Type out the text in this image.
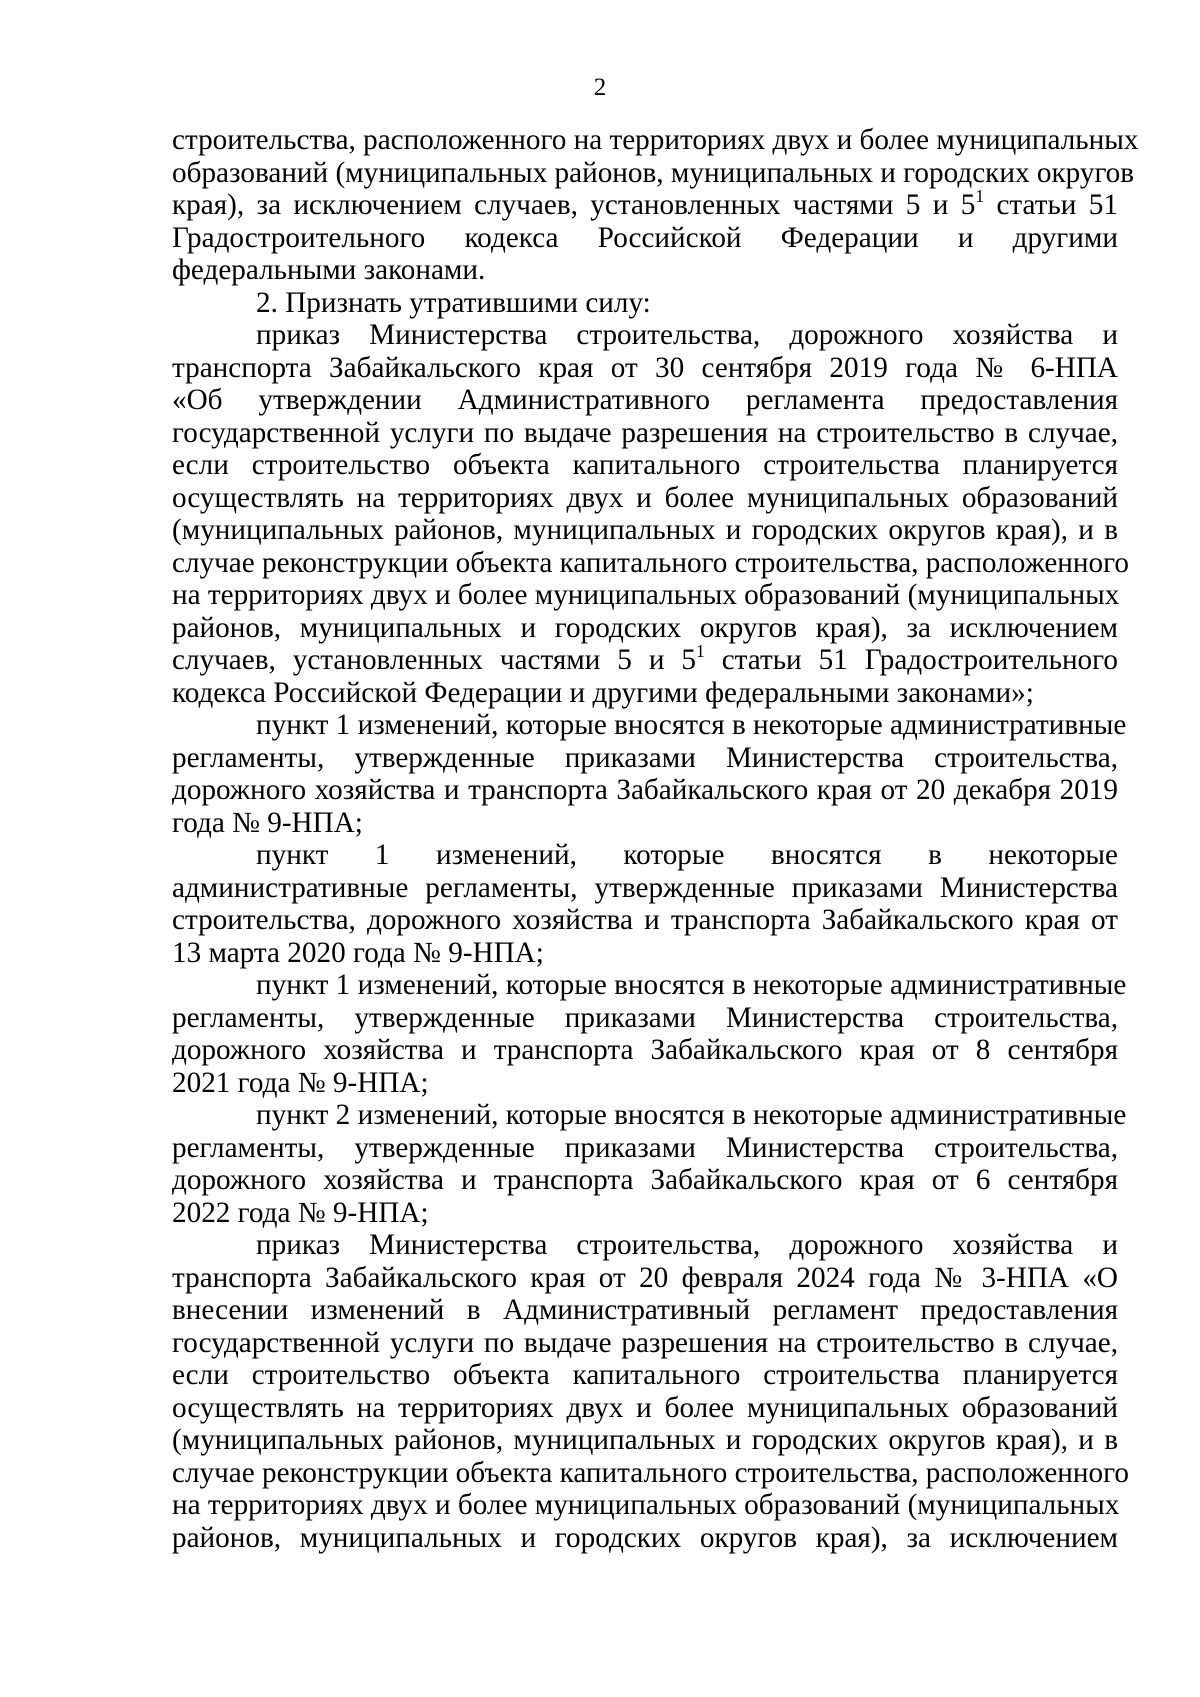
2
строительства, расположенного на территориях двух и более муниципальных
образований (муниципальных районов, муниципальных и городских округов
края), за исключением случаев, установленных частями 5 и $5^1$ статьи 51
Градостроительного кодекса Российской Федерации и другими
федеральными законами.
2. Признать утратившими силу:
приказ Министерства строительства, дорожного хозяйства и
транспорта Забайкальского края от 30 сентября 2019 года № 6-НПА
«Об утверждении Административного регламента предоставления
государственной услуги по выдаче разрешения на строительство в случае,
если строительство объекта капитального строительства планируется
осуществлять на территориях двух и более муниципальных образований
(муниципальных районов, муниципальных и городских округов края), и в
случае реконструкции объекта капитального строительства, расположенного
на территориях двух и более муниципальных образований (муниципальных
районов, муниципальных и городских округов края), за исключением
случаев, установленных частями 5 и $5^1$ статьи 51 Градостроительного
кодекса Российской Федерации и другими федеральными законами»;
пункт 1 изменений, которые вносятся в некоторые административные
регламенты, утвержденные приказами Министерства строительства,
дорожного хозяйства и транспорта Забайкальского края от 20 декабря 2019
года № 9-НПА;
пункт 1 изменений, которые вносятся в некоторые
административные регламенты, утвержденные приказами Министерства
строительства, дорожного хозяйства и транспорта Забайкальского края от
13 марта 2020 года № 9-НПА;
пункт 1 изменений, которые вносятся в некоторые административные
регламенты, утвержденные приказами Министерства строительства,
дорожного хозяйства и транспорта Забайкальского края от 8 сентября
2021 года № 9-НПА;
пункт 2 изменений, которые вносятся в некоторые административные
регламенты, утвержденные приказами Министерства строительства,
дорожного хозяйства и транспорта Забайкальского края от 6 сентября
2022 года № 9-НПА;
приказ Министерства строительства, дорожного хозяйства и
транспорта Забайкальского края от 20 февраля 2024 года № 3-НПА «О
внесении изменений в Административный регламент предоставления
государственной услуги по выдаче разрешения на строительство в случае,
если строительство объекта капитального строительства планируется
осуществлять на территориях двух и более муниципальных образований
(муниципальных районов, муниципальных и городских округов края), и в
случае реконструкции объекта капитального строительства, расположенного
на территориях двух и более муниципальных образований (муниципальных
районов, муниципальных и городских округов края), за исключением
